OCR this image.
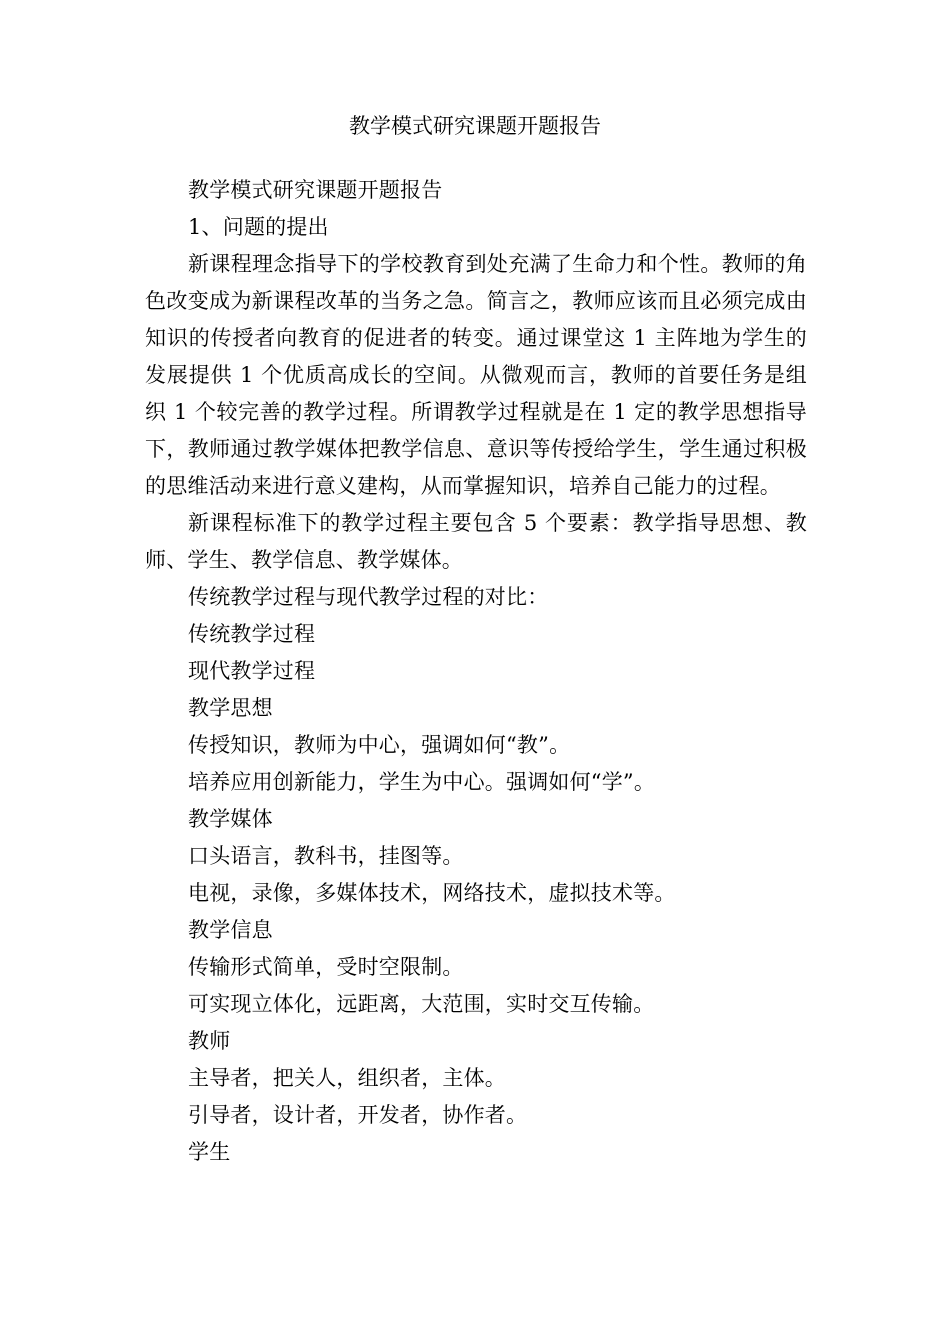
教学模式研究课题开题报告

教学模式研究课题开题报告

1、问题的提出

新课程理念指导下的学校教育到处充满了生命力和个性。教师的角色改变成为新课程改革的当务之急。简言之，教师应该而且必须完成由知识的传授者向教育的促进者的转变。通过课堂这 1 主阵地为学生的发展提供 1 个优质高成长的空间。从微观而言，教师的首要任务是组织 1 个较完善的教学过程。所谓教学过程就是在 1 定的教学思想指导下，教师通过教学媒体把教学信息、意识等传授给学生，学生通过积极的思维活动来进行意义建构，从而掌握知识，培养自己能力的过程。

新课程标准下的教学过程主要包含 5 个要素：教学指导思想、教师、学生、教学信息、教学媒体。

传统教学过程与现代教学过程的对比：

传统教学过程

现代教学过程

教学思想

传授知识，教师为中心，强调如何“教”。

培养应用创新能力，学生为中心。强调如何“学”。

教学媒体

口头语言，教科书，挂图等。

电视，录像，多媒体技术，网络技术，虚拟技术等。

教学信息

传输形式简单，受时空限制。

可实现立体化，远距离，大范围，实时交互传输。

教师

主导者，把关人，组织者，主体。

引导者，设计者，开发者，协作者。

学生
